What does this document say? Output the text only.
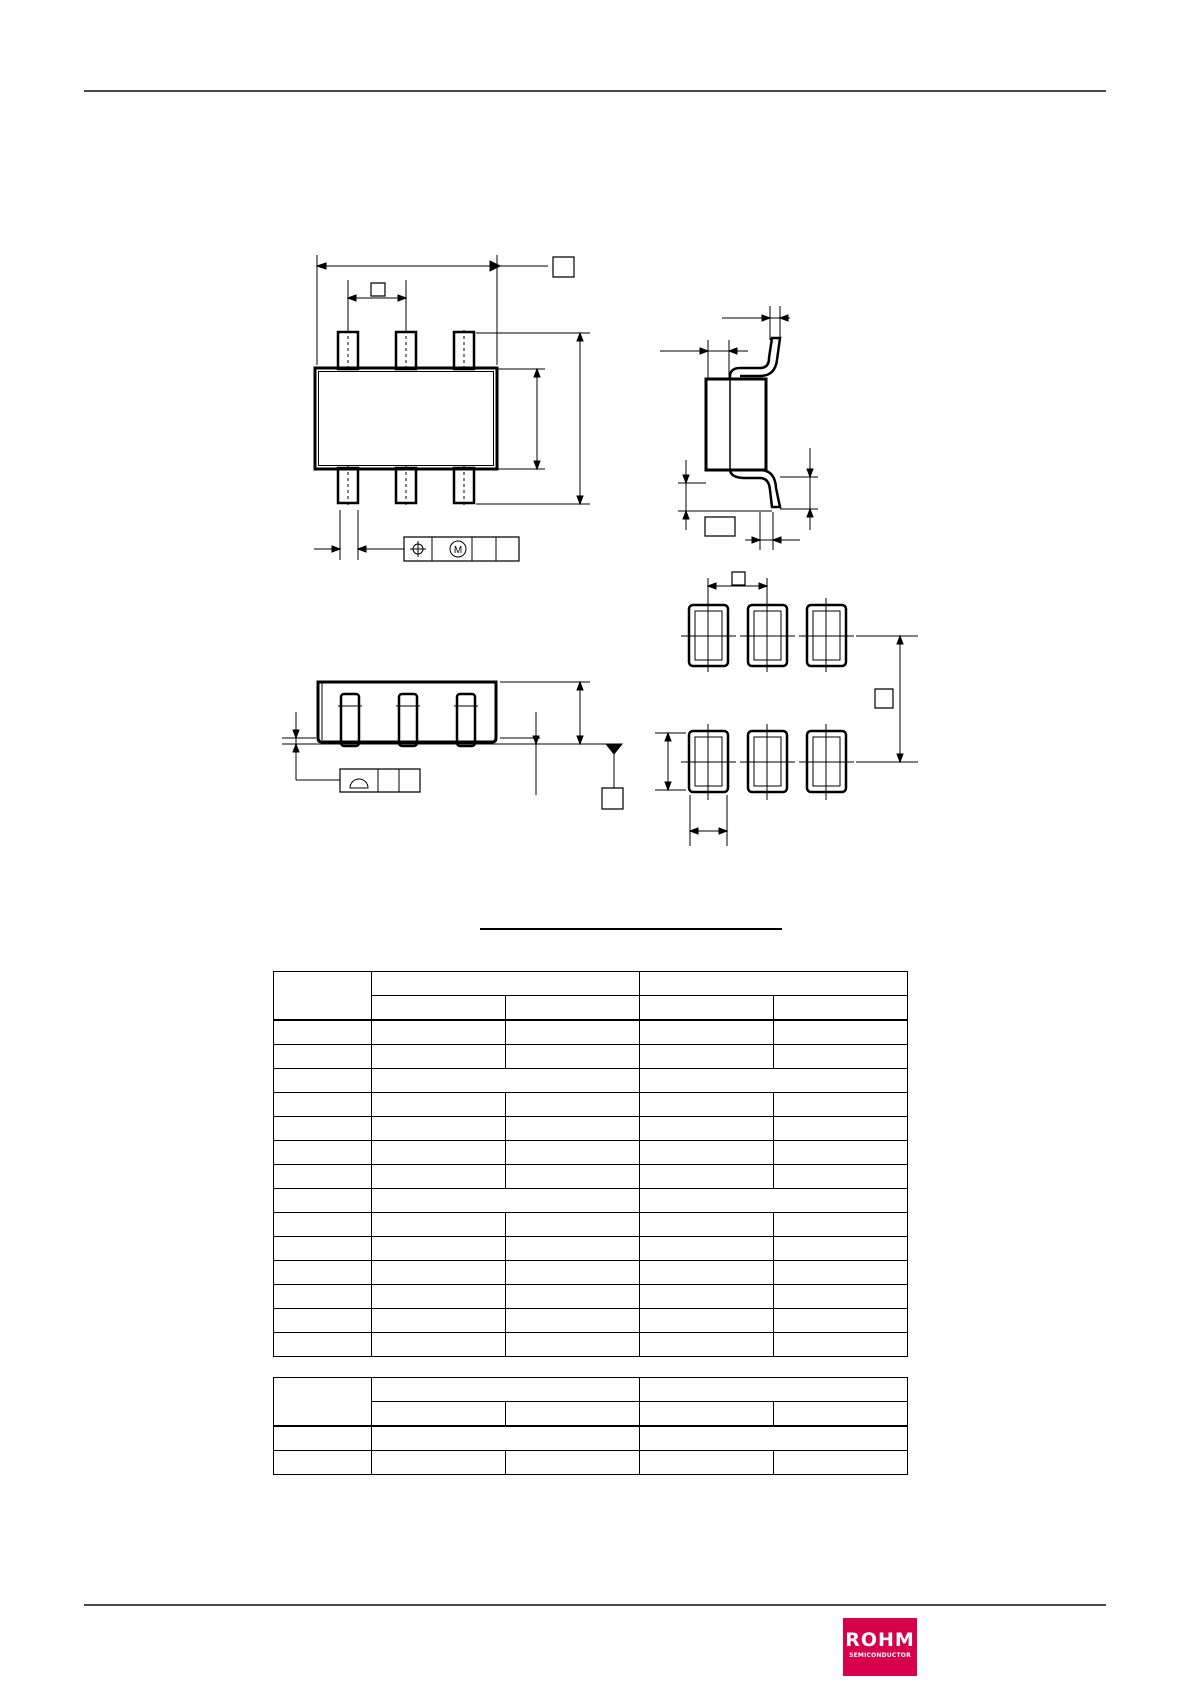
M

ROHM
SEMICONDUCTOR
